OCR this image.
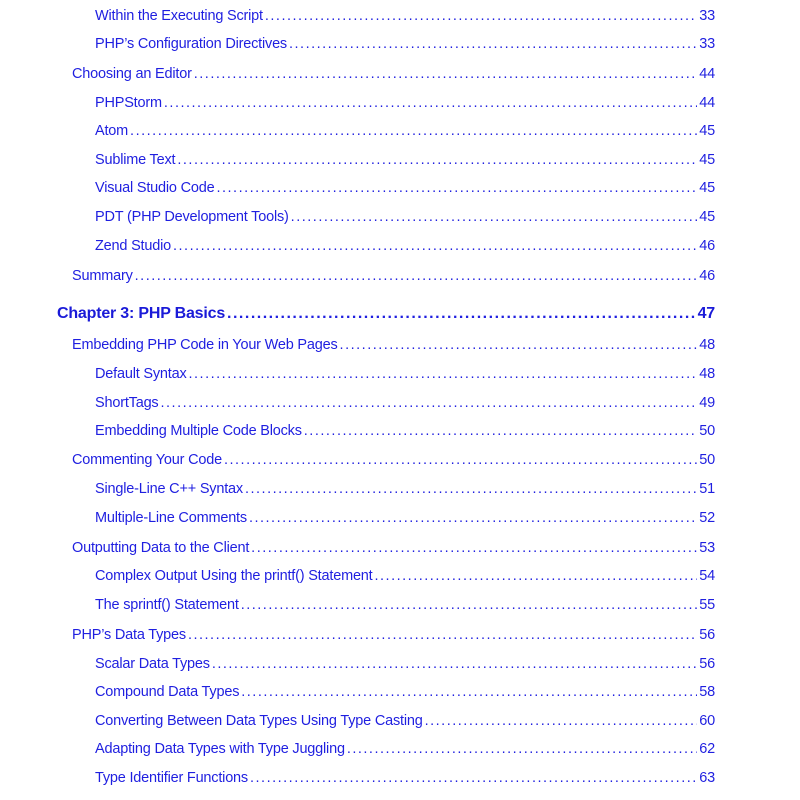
Within the Executing Script .....	33
PHP’s Configuration Directives .....	33
Choosing an Editor .....	44
PHPStorm .....	44
Atom .....	45
Sublime Text .....	45
Visual Studio Code .....	45
PDT (PHP Development Tools) .....	45
Zend Studio .....	46
Summary .....	46
Chapter 3: PHP Basics .....	47
Embedding PHP Code in Your Web Pages .....	48
Default Syntax .....	48
ShortTags .....	49
Embedding Multiple Code Blocks .....	50
Commenting Your Code .....	50
Single-Line C++ Syntax .....	51
Multiple-Line Comments .....	52
Outputting Data to the Client .....	53
Complex Output Using the printf() Statement .....	54
The sprintf() Statement .....	55
PHP’s Data Types .....	56
Scalar Data Types .....	56
Compound Data Types .....	58
Converting Between Data Types Using Type Casting .....	60
Adapting Data Types with Type Juggling .....	62
Type Identifier Functions .....	63
